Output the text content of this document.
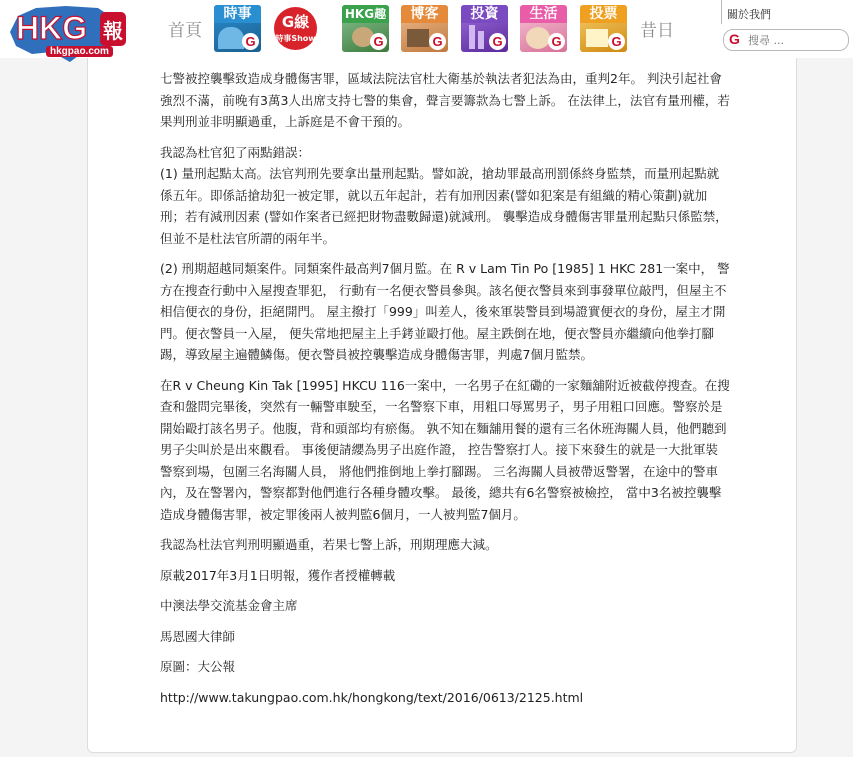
HKG 報
hkgpao.com
首頁
時事
G
G線
時事Show
HKG趣
G
博客
G
投資
G
生活
G
投票
G
昔日
關於我們
G
搜尋 ...

七警被控襲擊致造成身體傷害罪，區域法院法官杜大衛基於執法者犯法為由，重判2年。 判決引起社會強烈不滿，前晚有3萬3人出席支持七警的集會，聲言要籌款為七警上訴。 在法律上，法官有量刑權，若果判刑並非明顯過重，上訴庭是不會干預的。

我認為杜官犯了兩點錯誤：

(1) 量刑起點太高。法官判刑先要拿出量刑起點。譬如說，搶劫罪最高刑罰係終身監禁，而量刑起點就係五年。即係話搶劫犯一被定罪，就以五年起計，若有加刑因素(譬如犯案是有組織的精心策劃)就加刑；若有減刑因素 (譬如作案者已經把財物盡數歸還)就減刑。 襲擊造成身體傷害罪量刑起點只係監禁，但並不是杜法官所謂的兩年半。

(2) 刑期超越同類案件。同類案件最高判7個月監。在 R v Lam Tin Po [1985] 1 HKC 281一案中， 警方在搜查行動中入屋搜查罪犯， 行動有一名便衣警員參與。該名便衣警員來到事發單位敲門，但屋主不相信便衣的身份，拒絕開門。 屋主撥打「999」叫差人，後來軍裝警員到場證實便衣的身份，屋主才開門。便衣警員一入屋， 便失常地把屋主上手銬並毆打他。屋主跌倒在地，便衣警員亦繼續向他拳打腳踢，導致屋主遍體鱗傷。便衣警員被控襲擊造成身體傷害罪，判處7個月監禁。

在R v Cheung Kin Tak [1995] HKCU 116一案中，一名男子在紅磡的一家麵舖附近被截停搜查。在搜查和盤問完畢後，突然有一輛警車駛至，一名警察下車，用粗口辱罵男子，男子用粗口回應。警察於是開始毆打該名男子。他腹，背和頭部均有瘀傷。 孰不知在麵舖用餐的還有三名休班海關人員，他們聽到男子尖叫於是出來觀看。 事後便請纓為男子出庭作證， 控告警察打人。接下來發生的就是一大批軍裝警察到場，包圍三名海關人員， 將他們推倒地上拳打腳踢。 三名海關人員被帶返警署，在途中的警車內，及在警署內，警察都對他們進行各種身體攻擊。 最後，總共有6名警察被檢控， 當中3名被控襲擊造成身體傷害罪，被定罪後兩人被判監6個月，一人被判監7個月。

我認為杜法官判刑明顯過重，若果七警上訴，刑期理應大減。

原載2017年3月1日明報，獲作者授權轉載

中澳法學交流基金會主席

馬恩國大律師

原圖：大公報

http://www.takungpao.com.hk/hongkong/text/2016/0613/2125.html
